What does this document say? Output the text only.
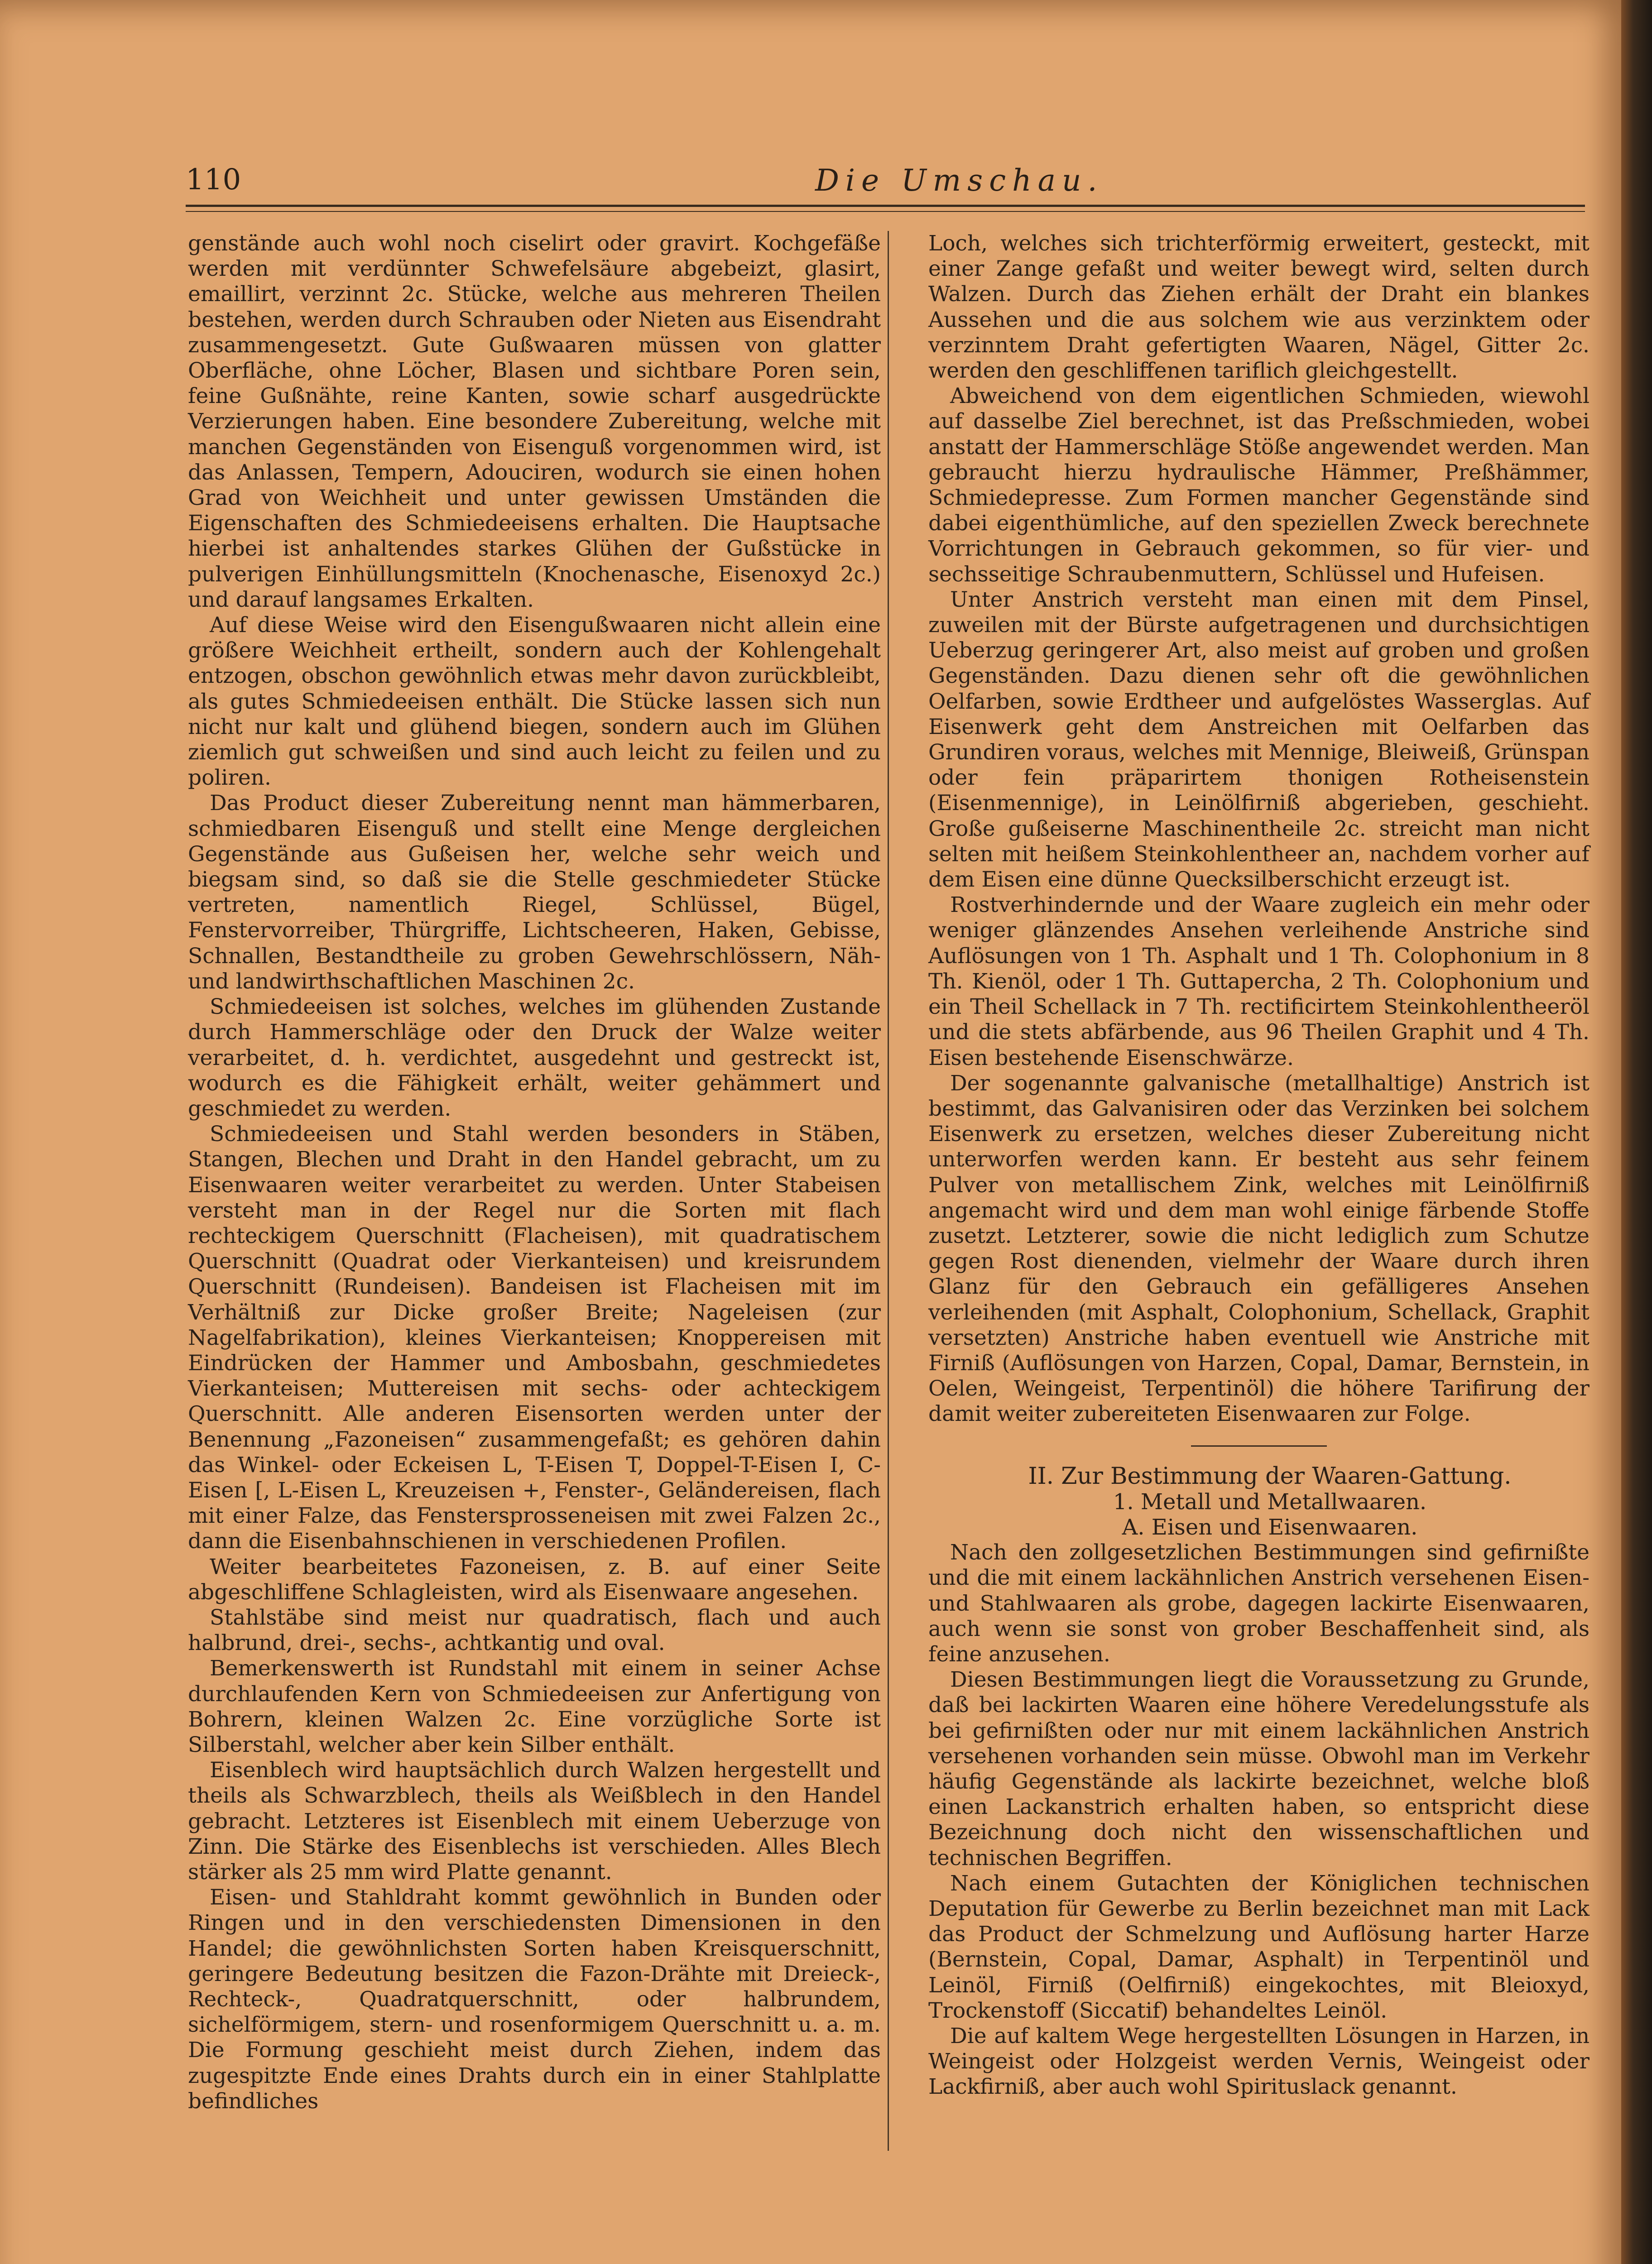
110	Die Umschau.

genstände auch wohl noch ciselirt oder gravirt. Kochgefäße werden mit verdünnter Schwefelsäure abgebeizt, glasirt, emaillirt, verzinnt 2c. Stücke, welche aus mehreren Theilen bestehen, werden durch Schrauben oder Nieten aus Eisendraht zusammengesetzt. Gute Gußwaaren müssen von glatter Oberfläche, ohne Löcher, Blasen und sichtbare Poren sein, feine Gußnähte, reine Kanten, sowie scharf ausgedrückte Verzierungen haben. Eine besondere Zubereitung, welche mit manchen Gegenständen von Eisenguß vorgenommen wird, ist das Anlassen, Tempern, Adouciren, wodurch sie einen hohen Grad von Weichheit und unter gewissen Umständen die Eigenschaften des Schmiedeeisens erhalten. Die Hauptsache hierbei ist anhaltendes starkes Glühen der Gußstücke in pulverigen Einhüllungsmitteln (Knochenasche, Eisenoxyd 2c.) und darauf langsames Erkalten.

Auf diese Weise wird den Eisengußwaaren nicht allein eine größere Weichheit ertheilt, sondern auch der Kohlengehalt entzogen, obschon gewöhnlich etwas mehr davon zurückbleibt, als gutes Schmiedeeisen enthält. Die Stücke lassen sich nun nicht nur kalt und glühend biegen, sondern auch im Glühen ziemlich gut schweißen und sind auch leicht zu feilen und zu poliren.

Das Product dieser Zubereitung nennt man hämmerbaren, schmiedbaren Eisenguß und stellt eine Menge dergleichen Gegenstände aus Gußeisen her, welche sehr weich und biegsam sind, so daß sie die Stelle geschmiedeter Stücke vertreten, namentlich Riegel, Schlüssel, Bügel, Fenstervorreiber, Thürgriffe, Lichtscheeren, Haken, Gebisse, Schnallen, Bestandtheile zu groben Gewehrschlössern, Näh- und landwirthschaftlichen Maschinen 2c.

Schmiedeeisen ist solches, welches im glühenden Zustande durch Hammerschläge oder den Druck der Walze weiter verarbeitet, d. h. verdichtet, ausgedehnt und gestreckt ist, wodurch es die Fähigkeit erhält, weiter gehämmert und geschmiedet zu werden.

Schmiedeeisen und Stahl werden besonders in Stäben, Stangen, Blechen und Draht in den Handel gebracht, um zu Eisenwaaren weiter verarbeitet zu werden. Unter Stabeisen versteht man in der Regel nur die Sorten mit flach rechteckigem Querschnitt (Flacheisen), mit quadratischem Querschnitt (Quadrat oder Vierkanteisen) und kreisrundem Querschnitt (Rundeisen). Bandeisen ist Flacheisen mit im Verhältniß zur Dicke großer Breite; Nageleisen (zur Nagelfabrikation), kleines Vierkanteisen; Knoppereisen mit Eindrücken der Hammer und Ambosbahn, geschmiedetes Vierkanteisen; Muttereisen mit sechs- oder achteckigem Querschnitt. Alle anderen Eisensorten werden unter der Benennung „Fazoneisen“ zusammengefaßt; es gehören dahin das Winkel- oder Eckeisen L, T-Eisen T, Doppel-T-Eisen I, C-Eisen [, L-Eisen L, Kreuzeisen +, Fenster-, Geländereisen, flach mit einer Falze, das Fenstersprosseneisen mit zwei Falzen 2c., dann die Eisenbahnschienen in verschiedenen Profilen.

Weiter bearbeitetes Fazoneisen, z. B. auf einer Seite abgeschliffene Schlagleisten, wird als Eisenwaare angesehen.

Stahlstäbe sind meist nur quadratisch, flach und auch halbrund, drei-, sechs-, achtkantig und oval.

Bemerkenswerth ist Rundstahl mit einem in seiner Achse durchlaufenden Kern von Schmiedeeisen zur Anfertigung von Bohrern, kleinen Walzen 2c. Eine vorzügliche Sorte ist Silberstahl, welcher aber kein Silber enthält.

Eisenblech wird hauptsächlich durch Walzen hergestellt und theils als Schwarzblech, theils als Weißblech in den Handel gebracht. Letzteres ist Eisenblech mit einem Ueberzuge von Zinn. Die Stärke des Eisenblechs ist verschieden. Alles Blech stärker als 25 mm wird Platte genannt.

Eisen- und Stahldraht kommt gewöhnlich in Bunden oder Ringen und in den verschiedensten Dimensionen in den Handel; die gewöhnlichsten Sorten haben Kreisquerschnitt, geringere Bedeutung besitzen die Fazon-Drähte mit Dreieck-, Rechteck-, Quadratquerschnitt, oder halbrundem, sichelförmigem, stern- und rosenformigem Querschnitt u. a. m. Die Formung geschieht meist durch Ziehen, indem das zugespitzte Ende eines Drahts durch ein in einer Stahlplatte befindliches

Loch, welches sich trichterförmig erweitert, gesteckt, mit einer Zange gefaßt und weiter bewegt wird, selten durch Walzen. Durch das Ziehen erhält der Draht ein blankes Aussehen und die aus solchem wie aus verzinktem oder verzinntem Draht gefertigten Waaren, Nägel, Gitter 2c. werden den geschliffenen tariflich gleichgestellt.

Abweichend von dem eigentlichen Schmieden, wiewohl auf dasselbe Ziel berechnet, ist das Preßschmieden, wobei anstatt der Hammerschläge Stöße angewendet werden. Man gebraucht hierzu hydraulische Hämmer, Preßhämmer, Schmiedepresse. Zum Formen mancher Gegenstände sind dabei eigenthümliche, auf den speziellen Zweck berechnete Vorrichtungen in Gebrauch gekommen, so für vier- und sechsseitige Schraubenmuttern, Schlüssel und Hufeisen.

Unter Anstrich versteht man einen mit dem Pinsel, zuweilen mit der Bürste aufgetragenen und durchsichtigen Ueberzug geringerer Art, also meist auf groben und großen Gegenständen. Dazu dienen sehr oft die gewöhnlichen Oelfarben, sowie Erdtheer und aufgelöstes Wasserglas. Auf Eisenwerk geht dem Anstreichen mit Oelfarben das Grundiren voraus, welches mit Mennige, Bleiweiß, Grünspan oder fein präparirtem thonigen Rotheisenstein (Eisenmennige), in Leinölfirniß abgerieben, geschieht. Große gußeiserne Maschinentheile 2c. streicht man nicht selten mit heißem Steinkohlentheer an, nachdem vorher auf dem Eisen eine dünne Quecksilberschicht erzeugt ist.

Rostverhindernde und der Waare zugleich ein mehr oder weniger glänzendes Ansehen verleihende Anstriche sind Auflösungen von 1 Th. Asphalt und 1 Th. Colophonium in 8 Th. Kienöl, oder 1 Th. Guttapercha, 2 Th. Colophonium und ein Theil Schellack in 7 Th. rectificirtem Steinkohlentheeröl und die stets abfärbende, aus 96 Theilen Graphit und 4 Th. Eisen bestehende Eisenschwärze.

Der sogenannte galvanische (metallhaltige) Anstrich ist bestimmt, das Galvanisiren oder das Verzinken bei solchem Eisenwerk zu ersetzen, welches dieser Zubereitung nicht unterworfen werden kann. Er besteht aus sehr feinem Pulver von metallischem Zink, welches mit Leinölfirniß angemacht wird und dem man wohl einige färbende Stoffe zusetzt. Letzterer, sowie die nicht lediglich zum Schutze gegen Rost dienenden, vielmehr der Waare durch ihren Glanz für den Gebrauch ein gefälligeres Ansehen verleihenden (mit Asphalt, Colophonium, Schellack, Graphit versetzten) Anstriche haben eventuell wie Anstriche mit Firniß (Auflösungen von Harzen, Copal, Damar, Bernstein, in Oelen, Weingeist, Terpentinöl) die höhere Tarifirung der damit weiter zubereiteten Eisenwaaren zur Folge.

II. Zur Bestimmung der Waaren-Gattung.

1. Metall und Metallwaaren.

A. Eisen und Eisenwaaren.

Nach den zollgesetzlichen Bestimmungen sind gefirnißte und die mit einem lackähnlichen Anstrich versehenen Eisen- und Stahlwaaren als grobe, dagegen lackirte Eisenwaaren, auch wenn sie sonst von grober Beschaffenheit sind, als feine anzusehen.

Diesen Bestimmungen liegt die Voraussetzung zu Grunde, daß bei lackirten Waaren eine höhere Veredelungsstufe als bei gefirnißten oder nur mit einem lackähnlichen Anstrich versehenen vorhanden sein müsse. Obwohl man im Verkehr häufig Gegenstände als lackirte bezeichnet, welche bloß einen Lackanstrich erhalten haben, so entspricht diese Bezeichnung doch nicht den wissenschaftlichen und technischen Begriffen.

Nach einem Gutachten der Königlichen technischen Deputation für Gewerbe zu Berlin bezeichnet man mit Lack das Product der Schmelzung und Auflösung harter Harze (Bernstein, Copal, Damar, Asphalt) in Terpentinöl und Leinöl, Firniß (Oelfirniß) eingekochtes, mit Bleioxyd, Trockenstoff (Siccatif) behandeltes Leinöl.

Die auf kaltem Wege hergestellten Lösungen in Harzen, in Weingeist oder Holzgeist werden Vernis, Weingeist oder Lackfirniß, aber auch wohl Spirituslack genannt.
